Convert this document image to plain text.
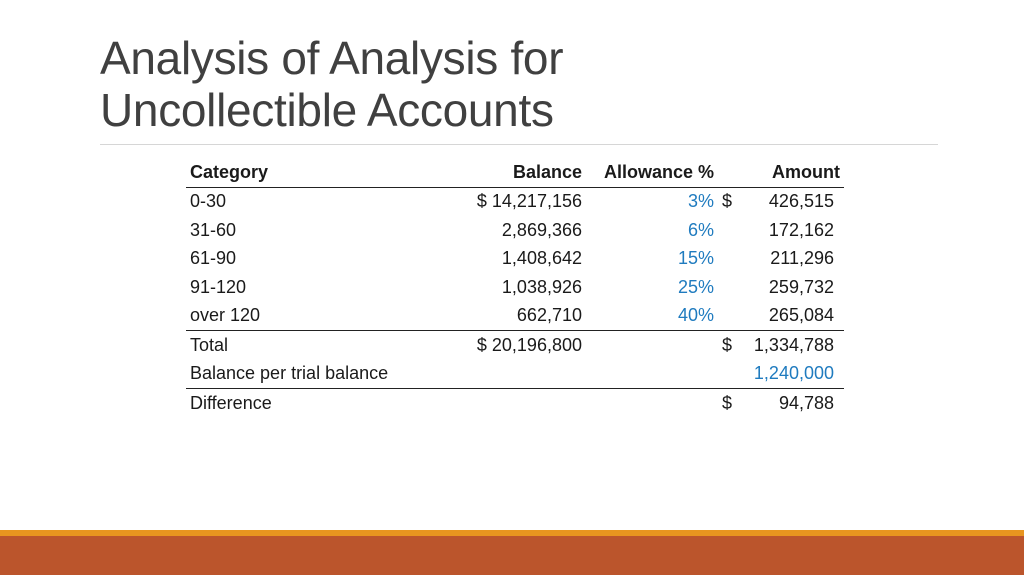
Analysis of Analysis for
Uncollectible Accounts
Category	Balance	Allowance %		Amount
0-30	$ 14,217,156	3%	$	426,515
31-60	2,869,366	6%		172,162
61-90	1,408,642	15%		211,296
91-120	1,038,926	25%		259,732
over 120	662,710	40%		265,084
Total	$ 20,196,800		$	1,334,788
Balance per trial balance				1,240,000
Difference			$	94,788
